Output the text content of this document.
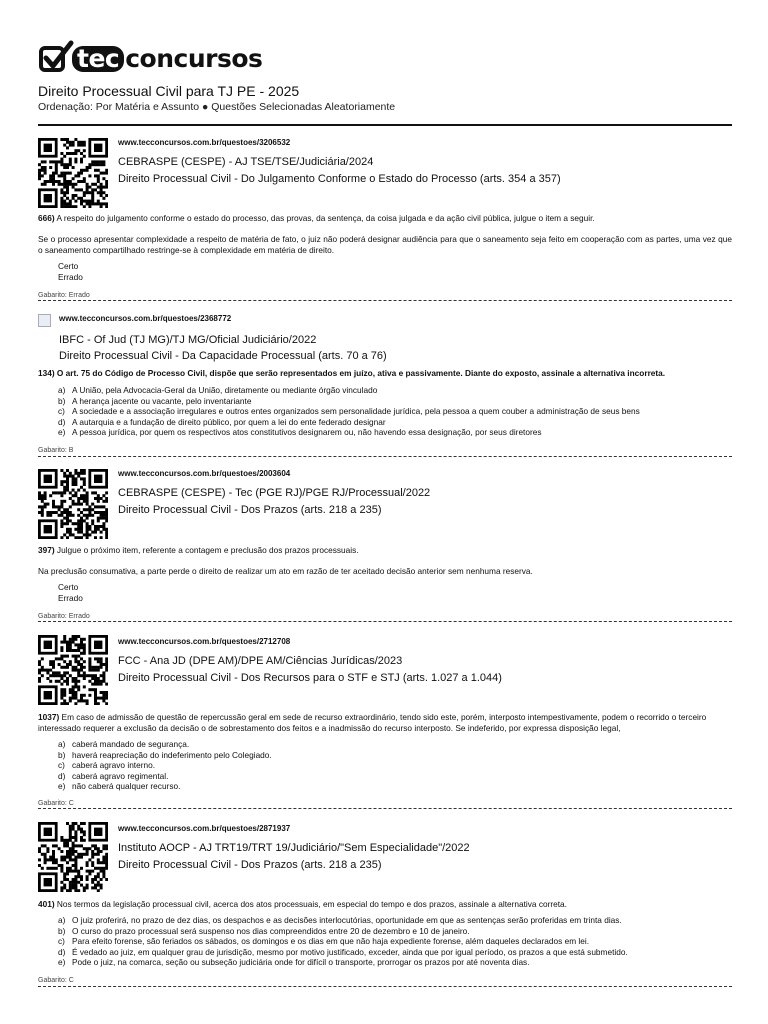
tec concursos
Direito Processual Civil para TJ PE - 2025
Ordenação: Por Matéria e Assunto ● Questões Selecionadas Aleatoriamente
www.tecconcursos.com.br/questoes/3206532
CEBRASPE (CESPE) - AJ TSE/TSE/Judiciária/2024
Direito Processual Civil - Do Julgamento Conforme o Estado do Processo (arts. 354 a 357)
666) A respeito do julgamento conforme o estado do processo, das provas, da sentença, da coisa julgada e da ação civil pública, julgue o item a seguir.
Se o processo apresentar complexidade a respeito de matéria de fato, o juiz não poderá designar audiência para que o saneamento seja feito em cooperação com as partes, uma vez que o saneamento compartilhado restringe-se à complexidade em matéria de direito.
Certo
Errado
Gabarito: Errado
www.tecconcursos.com.br/questoes/2368772
IBFC - Of Jud (TJ MG)/TJ MG/Oficial Judiciário/2022
Direito Processual Civil - Da Capacidade Processual (arts. 70 a 76)
134) O art. 75 do Código de Processo Civil, dispõe que serão representados em juízo, ativa e passivamente. Diante do exposto, assinale a alternativa incorreta.
a) A União, pela Advocacia-Geral da União, diretamente ou mediante órgão vinculado
b) A herança jacente ou vacante, pelo inventariante
c) A sociedade e a associação irregulares e outros entes organizados sem personalidade jurídica, pela pessoa a quem couber a administração de seus bens
d) A autarquia e a fundação de direito público, por quem a lei do ente federado designar
e) A pessoa jurídica, por quem os respectivos atos constitutivos designarem ou, não havendo essa designação, por seus diretores
Gabarito: B
www.tecconcursos.com.br/questoes/2003604
CEBRASPE (CESPE) - Tec (PGE RJ)/PGE RJ/Processual/2022
Direito Processual Civil - Dos Prazos (arts. 218 a 235)
397) Julgue o próximo item, referente a contagem e preclusão dos prazos processuais.
Na preclusão consumativa, a parte perde o direito de realizar um ato em razão de ter aceitado decisão anterior sem nenhuma reserva.
Certo
Errado
Gabarito: Errado
www.tecconcursos.com.br/questoes/2712708
FCC - Ana JD (DPE AM)/DPE AM/Ciências Jurídicas/2023
Direito Processual Civil - Dos Recursos para o STF e STJ (arts. 1.027 a 1.044)
1037) Em caso de admissão de questão de repercussão geral em sede de recurso extraordinário, tendo sido este, porém, interposto intempestivamente, podem o recorrido o terceiro interessado requerer a exclusão da decisão o de sobrestamento dos feitos e a inadmissão do recurso interposto. Se indeferido, por expressa disposição legal,
a) caberá mandado de segurança.
b) haverá reapreciação do indeferimento pelo Colegiado.
c) caberá agravo interno.
d) caberá agravo regimental.
e) não caberá qualquer recurso.
Gabarito: C
www.tecconcursos.com.br/questoes/2871937
Instituto AOCP - AJ TRT19/TRT 19/Judiciário/"Sem Especialidade"/2022
Direito Processual Civil - Dos Prazos (arts. 218 a 235)
401) Nos termos da legislação processual civil, acerca dos atos processuais, em especial do tempo e dos prazos, assinale a alternativa correta.
a) O juiz proferirá, no prazo de dez dias, os despachos e as decisões interlocutórias, oportunidade em que as sentenças serão proferidas em trinta dias.
b) O curso do prazo processual será suspenso nos dias compreendidos entre 20 de dezembro e 10 de janeiro.
c) Para efeito forense, são feriados os sábados, os domingos e os dias em que não haja expediente forense, além daqueles declarados em lei.
d) É vedado ao juiz, em qualquer grau de jurisdição, mesmo por motivo justificado, exceder, ainda que por igual período, os prazos a que está submetido.
e) Pode o juiz, na comarca, seção ou subseção judiciária onde for difícil o transporte, prorrogar os prazos por até noventa dias.
Gabarito: C
